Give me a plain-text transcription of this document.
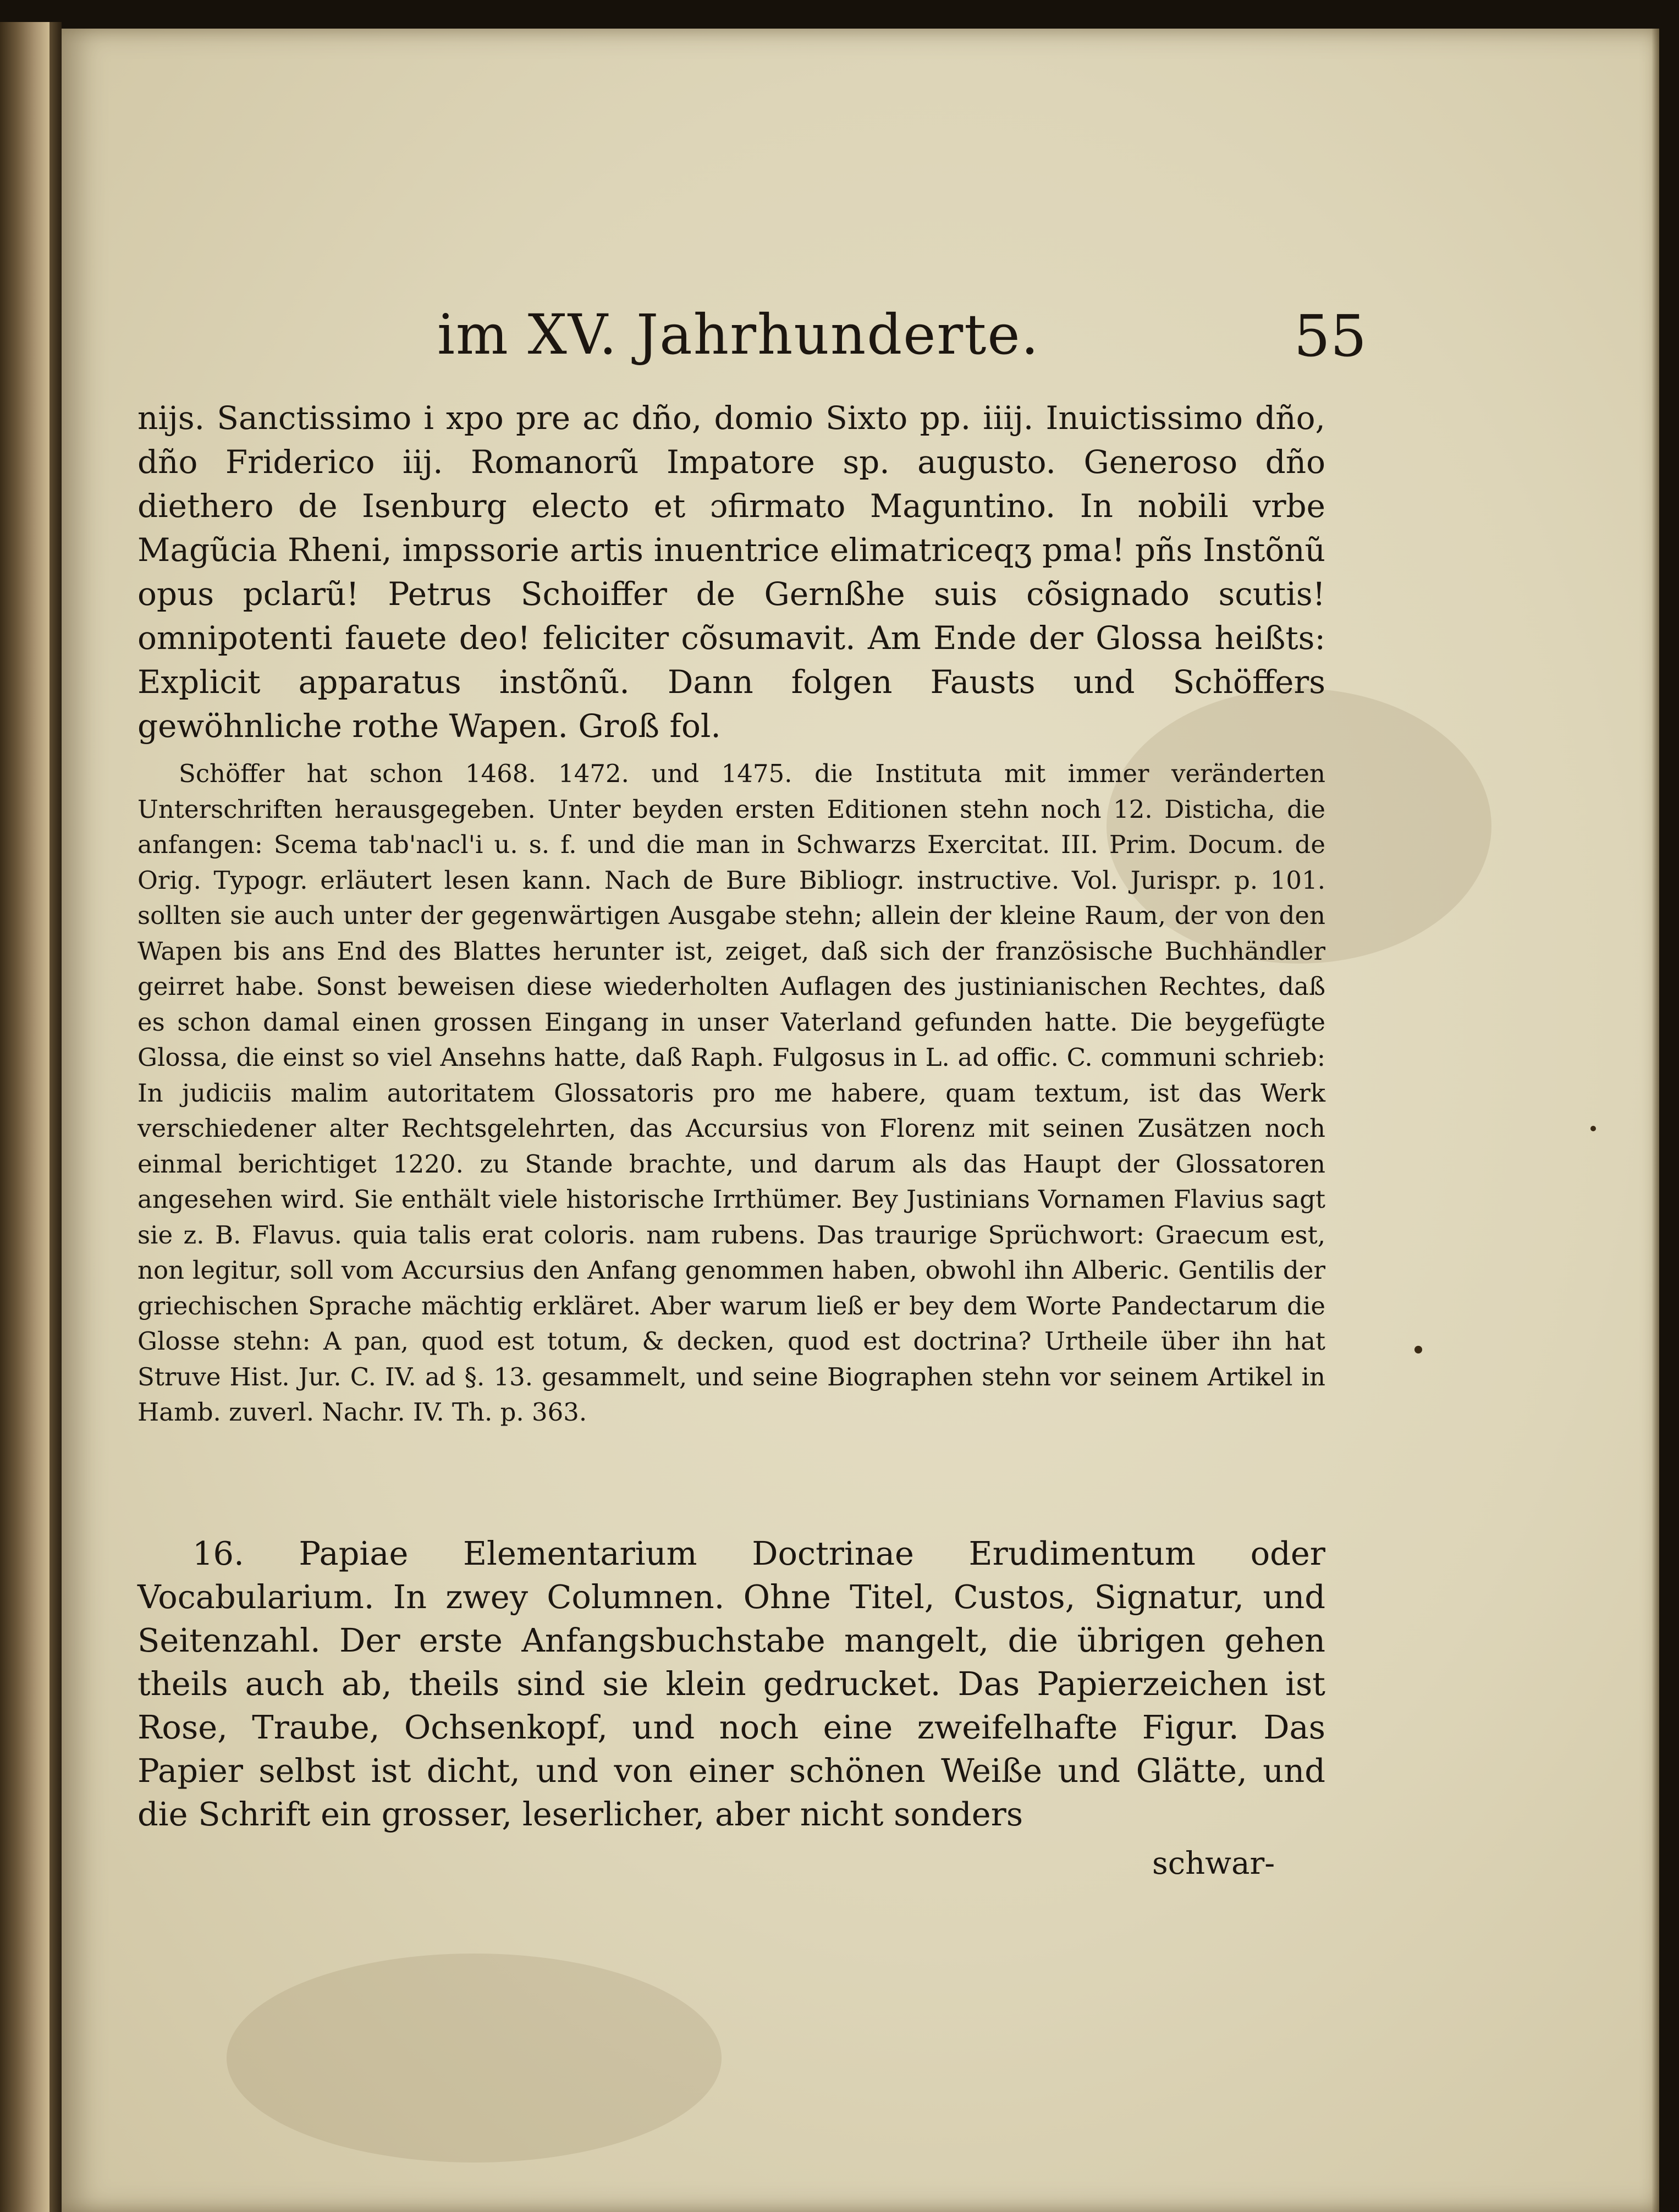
im XV. Jahrhunderte.	55
nijs. Sanctissimo i xpo pre ac dño, domio Sixto pp. iiij. Inuictissimo dño, dño Friderico iij. Romanorũ Impatore sp. augusto. Generoso dño diethero de Isenburg electo et ɔfirmato Maguntino. In nobili vrbe Magũcia Rheni, impssorie artis inuentrice elimatriceqʒ pma! pñs Instõnũ opus pclarũ! Petrus Schoiffer de Gernßhe suis cõsignado scutis! omnipotenti fauete deo! feliciter cõsumavit. Am Ende der Glossa heißts: Explicit apparatus instõnũ. Dann folgen Fausts und Schöffers gewöhnliche rothe Wapen. Groß fol.
Schöffer hat schon 1468. 1472. und 1475. die Instituta mit immer veränderten Unterschriften herausgegeben. Unter beyden ersten Editionen stehn noch 12. Disticha, die anfangen: Scema tab'nacl'i u. s. f. und die man in Schwarzs Exercitat. III. Prim. Docum. de Orig. Typogr. erläutert lesen kann. Nach de Bure Bibliogr. instructive. Vol. Jurispr. p. 101. sollten sie auch unter der gegenwärtigen Ausgabe stehn; allein der kleine Raum, der von den Wapen bis ans End des Blattes herunter ist, zeiget, daß sich der französische Buchhändler geirret habe. Sonst beweisen diese wiederholten Auflagen des justinianischen Rechtes, daß es schon damal einen grossen Eingang in unser Vaterland gefunden hatte. Die beygefügte Glossa, die einst so viel Ansehns hatte, daß Raph. Fulgosus in L. ad offic. C. communi schrieb: In judiciis malim autoritatem Glossatoris pro me habere, quam textum, ist das Werk verschiedener alter Rechtsgelehrten, das Accursius von Florenz mit seinen Zusätzen noch einmal berichtiget 1220. zu Stande brachte, und darum als das Haupt der Glossatoren angesehen wird. Sie enthält viele historische Irrthümer. Bey Justinians Vornamen Flavius sagt sie z. B. Flavus. quia talis erat coloris. nam rubens. Das traurige Sprüchwort: Graecum est, non legitur, soll vom Accursius den Anfang genommen haben, obwohl ihn Alberic. Gentilis der griechischen Sprache mächtig erkläret. Aber warum ließ er bey dem Worte Pandectarum die Glosse stehn: A pan, quod est totum, & decken, quod est doctrina? Urtheile über ihn hat Struve Hist. Jur. C. IV. ad §. 13. gesammelt, und seine Biographen stehn vor seinem Artikel in Hamb. zuverl. Nachr. IV. Th. p. 363.
16. Papiae Elementarium Doctrinae Erudimentum oder Vocabularium. In zwey Columnen. Ohne Titel, Custos, Signatur, und Seitenzahl. Der erste Anfangsbuchstabe mangelt, die übrigen gehen theils auch ab, theils sind sie klein gedrucket. Das Papierzeichen ist Rose, Traube, Ochsenkopf, und noch eine zweifelhafte Figur. Das Papier selbst ist dicht, und von einer schönen Weiße und Glätte, und die Schrift ein grosser, leserlicher, aber nicht sonders
schwar-
